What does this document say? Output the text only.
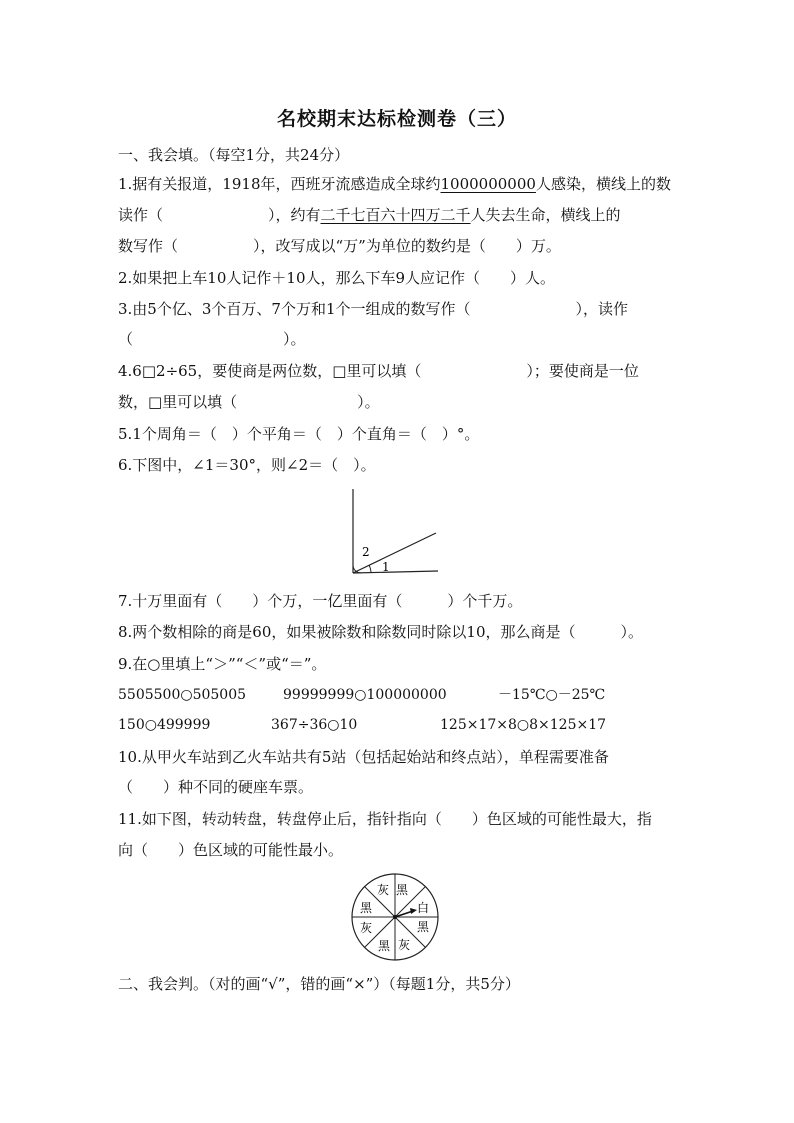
名校期末达标检测卷（三）
一、我会填。（每空1分，共24分）
1.据有关报道，1918年，西班牙流感造成全球约1000000000人感染，横线上的数
读作（　　　　　　　），约有二千七百六十四万二千人失去生命，横线上的
数写作（　　　　　），改写成以“万”为单位的数约是（　　）万。
2.如果把上车10人记作＋10人，那么下车9人应记作（　　）人。
3.由5个亿、3个百万、7个万和1个一组成的数写作（　　　　　　　），读作
（　　　　　　　　　　）。
4.6□2÷65，要使商是两位数，□里可以填（　　　　　　　）；要使商是一位
数，□里可以填（　　　　　　　　）。
5.1个周角＝（　）个平角＝（　）个直角＝（　）°。
6.下图中，∠1＝30°，则∠2＝（　）。
2
1
7.十万里面有（　　）个万，一亿里面有（　　　）个千万。
8.两个数相除的商是60，如果被除数和除数同时除以10，那么商是（　　　）。
9.在○里填上“＞”“＜”或“＝”。
5505500○505005	99999999○100000000	－15℃○－25℃
150○499999	367÷36○10	125×17×8○8×125×17
10.从甲火车站到乙火车站共有5站（包括起始站和终点站），单程需要准备
（　　）种不同的硬座车票。
11.如下图，转动转盘，转盘停止后，指针指向（　　）色区域的可能性最大，指
向（　　）色区域的可能性最小。
黑
白
黑
灰
黑
灰
黑
灰
二、我会判。（对的画“√”，错的画“×”）（每题1分，共5分）
